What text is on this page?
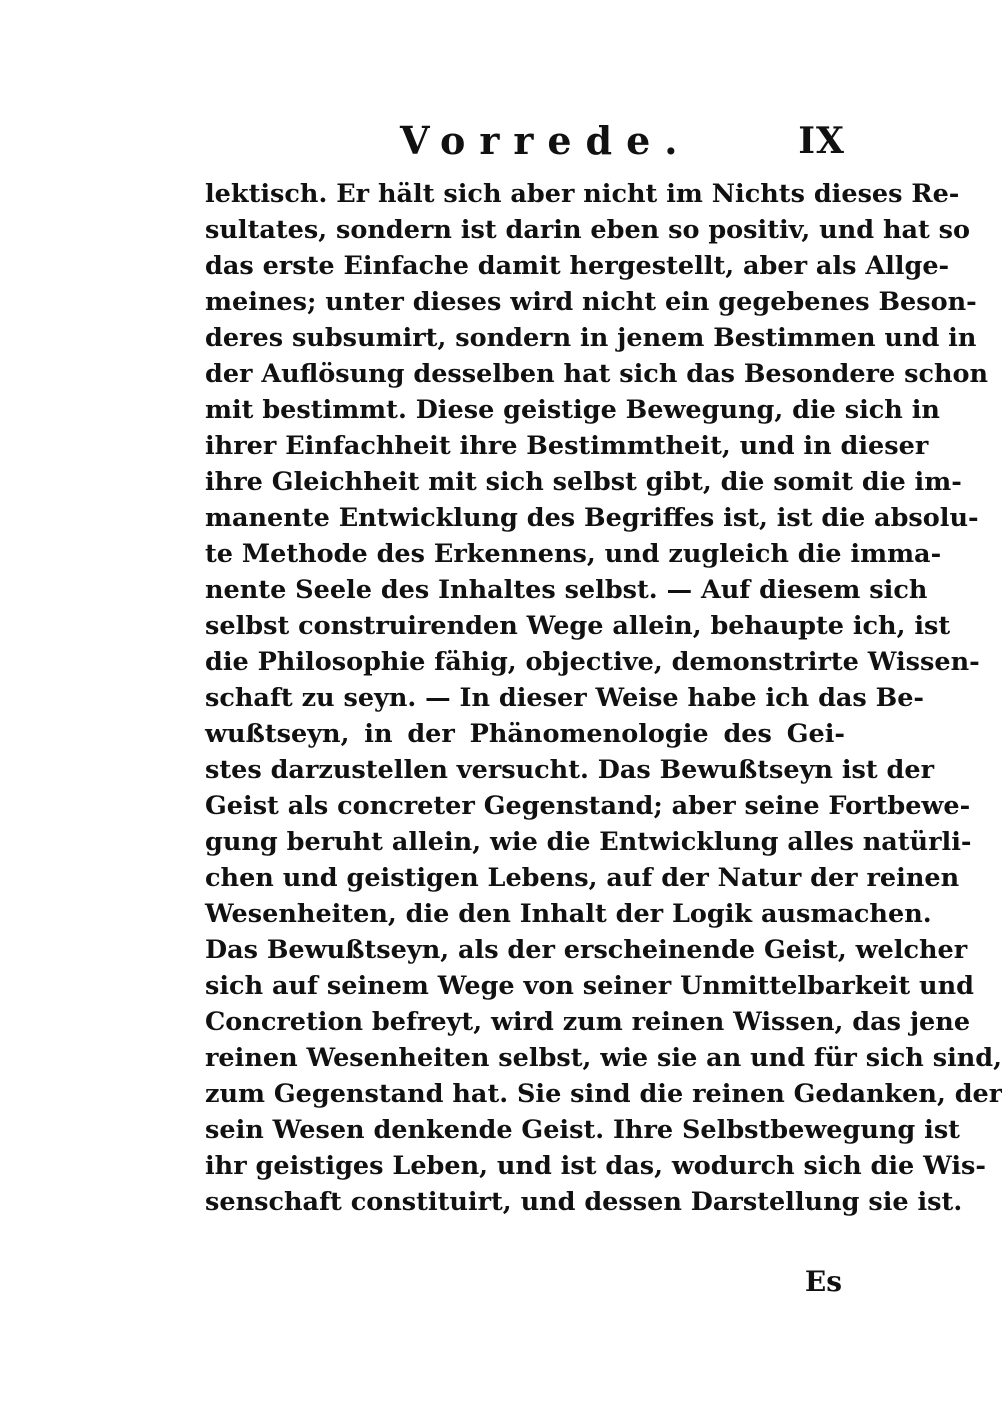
Vorrede.	IX
lektisch. Er hält sich aber nicht im Nichts dieses Re-
sultates, sondern ist darin eben so positiv, und hat so
das erste Einfache damit hergestellt, aber als Allge-
meines; unter dieses wird nicht ein gegebenes Beson-
deres subsumirt, sondern in jenem Bestimmen und in
der Auflösung desselben hat sich das Besondere schon
mit bestimmt. Diese geistige Bewegung, die sich in
ihrer Einfachheit ihre Bestimmtheit, und in dieser
ihre Gleichheit mit sich selbst gibt, die somit die im-
manente Entwicklung des Begriffes ist, ist die absolu-
te Methode des Erkennens, und zugleich die imma-
nente Seele des Inhaltes selbst. — Auf diesem sich
selbst construirenden Wege allein, behaupte ich, ist
die Philosophie fähig, objective, demonstrirte Wissen-
schaft zu seyn. — In dieser Weise habe ich das Be-
wußtseyn, in der Phänomenologie des Gei-
stes darzustellen versucht. Das Bewußtseyn ist der
Geist als concreter Gegenstand; aber seine Fortbewe-
gung beruht allein, wie die Entwicklung alles natürli-
chen und geistigen Lebens, auf der Natur der reinen
Wesenheiten, die den Inhalt der Logik ausmachen.
Das Bewußtseyn, als der erscheinende Geist, welcher
sich auf seinem Wege von seiner Unmittelbarkeit und
Concretion befreyt, wird zum reinen Wissen, das jene
reinen Wesenheiten selbst, wie sie an und für sich sind,
zum Gegenstand hat. Sie sind die reinen Gedanken, der
sein Wesen denkende Geist. Ihre Selbstbewegung ist
ihr geistiges Leben, und ist das, wodurch sich die Wis-
senschaft constituirt, und dessen Darstellung sie ist.
Es
